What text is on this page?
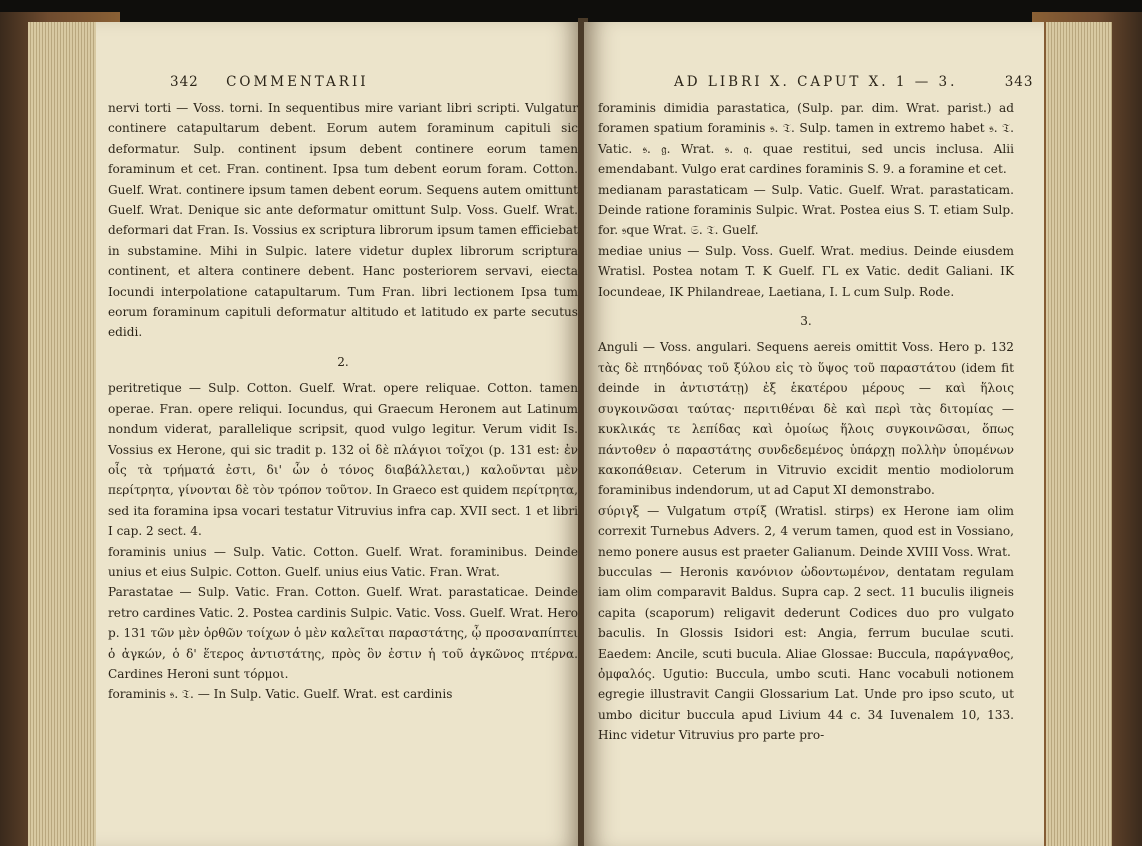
342 COMMENTARII

nervi torti — Voss. torni. In sequentibus mire variant libri scripti. Vulgatur continere catapultarum debent. Eorum autem foraminum capituli sic deformatur. Sulp. continent ipsum debent continere eorum tamen foraminum et cet. Fran. continent. Ipsa tum debent eorum foram. Cotton. Guelf. Wrat. continere ipsum tamen debent eorum. Sequens autem omittunt Guelf. Wrat. Denique sic ante deformatur omittunt Sulp. Voss. Guelf. Wrat. deformari dat Fran. Is. Vossius ex scriptura librorum ipsum tamen efficiebat in substamine. Mihi in Sulpic. latere videtur duplex librorum scriptura continent, et altera continere debent. Hanc posteriorem servavi, eiecta Iocundi interpolatione catapultarum. Tum Fran. libri lectionem Ipsa tum eorum foraminum capituli deformatur altitudo et latitudo ex parte secutus edidi.

2.

peritretique — Sulp. Cotton. Guelf. Wrat. opere reliquae. Cotton. tamen operae. Fran. opere reliqui. Iocundus, qui Graecum Heronem aut Latinum nondum viderat, parallelique scripsit, quod vulgo legitur. Verum vidit Is. Vossius ex Herone, qui sic tradit p. 132 οἱ δὲ πλάγιοι τοῖχοι (p. 131 est: ἐν οἷς τὰ τρήματά ἐστι, δι' ὧν ὁ τόνος διαβάλλεται,) καλοῦνται μὲν περίτρητα, γίνονται δὲ τὸν τρόπον τοῦτον. In Graeco est quidem περίτρητα, sed ita foramina ipsa vocari testatur Vitruvius infra cap. XVII sect. 1 et libri I cap. 2 sect. 4.

foraminis unius — Sulp. Vatic. Cotton. Guelf. Wrat. foraminibus. Deinde unius et eius Sulpic. Cotton. Guelf. unius eius Vatic. Fran. Wrat.

Parastatae — Sulp. Vatic. Fran. Cotton. Guelf. Wrat. parastaticae. Deinde retro cardines Vatic. 2. Postea cardinis Sulpic. Vatic. Voss. Guelf. Wrat. Hero p. 131 τῶν μὲν ὀρθῶν τοίχων ὁ μὲν καλεῖται παραστάτης, ᾧ προσαναπίπτει ὁ ἀγκών, ὁ δ' ἕτερος ἀντιστάτης, πρὸς ὃν ἐστιν ἡ τοῦ ἀγκῶνος πτέρνα. Cardines Heroni sunt τόρμοι.

foraminis 𝔰. 𝔗. — In Sulp. Vatic. Guelf. Wrat. est cardinis

AD LIBRI X. CAPUT X. 1 — 3.	343

foraminis dimidia parastatica, (Sulp. par. dim. Wrat. parist.) ad foramen spatium foraminis 𝔰. 𝔗. Sulp. tamen in extremo habet 𝔰. 𝔗. Vatic. 𝔰. 𝔤. Wrat. 𝔰. 𝔮. quae restitui, sed uncis inclusa. Alii emendabant. Vulgo erat cardines foraminis S. 9. a foramine et cet.

medianam parastaticam — Sulp. Vatic. Guelf. Wrat. parastaticam. Deinde ratione foraminis Sulpic. Wrat. Postea eius S. T. etiam Sulp. for. 𝔰que Wrat. 𝔖. 𝔗. Guelf.

mediae unius — Sulp. Voss. Guelf. Wrat. medius. Deinde eiusdem Wratisl. Postea notam T. K Guelf. ΓL ex Vatic. dedit Galiani. IK Iocundeae, IK Philandreae, Laetiana, I. L cum Sulp. Rode.

3.

Anguli — Voss. angulari. Sequens aereis omittit Voss. Hero p. 132 τὰς δὲ πτηδόνας τοῦ ξύλου εἰς τὸ ὕψος τοῦ παραστάτου (idem fit deinde in ἀντιστάτῃ) ἐξ ἑκατέρου μέρους — καὶ ἥλοις συγκοινῶσαι ταύτας· περιτιθέναι δὲ καὶ περὶ τὰς διτομίας — κυκλικάς τε λεπίδας καὶ ὁμοίως ἥλοις συγκοινῶσαι, ὅπως πάντοθεν ὁ παραστάτης συνδεδεμένος ὑπάρχῃ πολλὴν ὑπομένων κακοπάθειαν. Ceterum in Vitruvio excidit mentio modiolorum foraminibus indendorum, ut ad Caput XI demonstrabo.

σύριγξ — Vulgatum στρίξ (Wratisl. stirps) ex Herone iam olim correxit Turnebus Advers. 2, 4 verum tamen, quod est in Vossiano, nemo ponere ausus est praeter Galianum. Deinde XVIII Voss. Wrat.

bucculas — Heronis κανόνιον ὠδοντωμένον, dentatam regulam iam olim comparavit Baldus. Supra cap. 2 sect. 11 buculis iligneis capita (scaporum) religavit dederunt Codices duo pro vulgato baculis. In Glossis Isidori est: Angia, ferrum buculae scuti. Eaedem: Ancile, scuti bucula. Aliae Glossae: Buccula, παράγναθος, ὀμφαλός. Ugutio: Buccula, umbo scuti. Hanc vocabuli notionem egregie illustravit Cangii Glossarium Lat. Unde pro ipso scuto, ut umbo dicitur buccula apud Livium 44 c. 34 Iuvenalem 10, 133. Hinc videtur Vitruvius pro parte pro-
